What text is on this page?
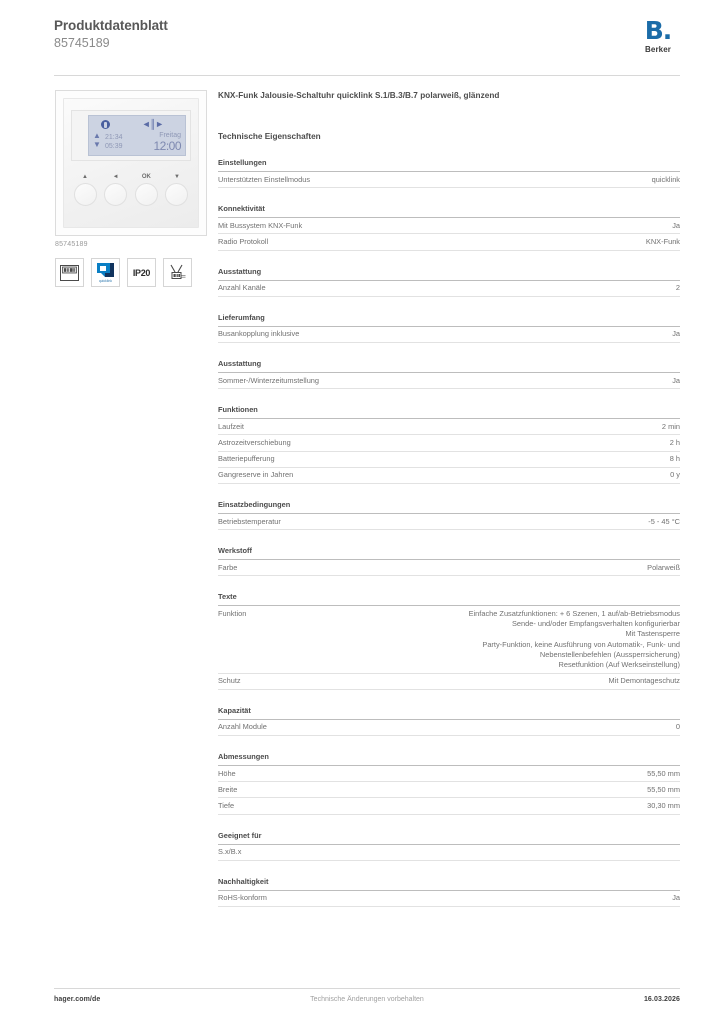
Produktdatenblatt
85745189	B.
Berker
◄║►
▲
▼
21:34
05:39
Freitag
12:00
▲	◄	OK	▼
85745189
quicklink
IP20
KNX-Funk Jalousie-Schaltuhr quicklink S.1/B.3/B.7 polarweiß, glänzend
Technische Eigenschaften
Einstellungen
Unterstützten Einstellmodus	quicklink
Konnektivität
Mit Bussystem KNX-Funk	Ja
Radio Protokoll	KNX-Funk
Ausstattung
Anzahl Kanäle	2
Lieferumfang
Busankopplung inklusive	Ja
Ausstattung
Sommer-/Winterzeitumstellung	Ja
Funktionen
Laufzeit	2 min
Astrozeitverschiebung	2 h
Batteriepufferung	8 h
Gangreserve in Jahren	0 y
Einsatzbedingungen
Betriebstemperatur	-5 - 45 °C
Werkstoff
Farbe	Polarweiß
Texte
Funktion	Einfache Zusatzfunktionen: + 6 Szenen, 1 auf/ab-Betriebsmodus
Sende- und/oder Empfangsverhalten konfigurierbar
Mit Tastensperre
Party-Funktion, keine Ausführung von Automatik-, Funk- und
Nebenstellenbefehlen (Aussperrsicherung)
Resetfunktion (Auf Werkseinstellung)
Schutz	Mit Demontageschutz
Kapazität
Anzahl Module	0
Abmessungen
Höhe	55,50 mm
Breite	55,50 mm
Tiefe	30,30 mm
Geeignet für
S.x/B.x
Nachhaltigkeit
RoHS-konform	Ja
hager.com/de	Technische Änderungen vorbehalten	16.03.2026
